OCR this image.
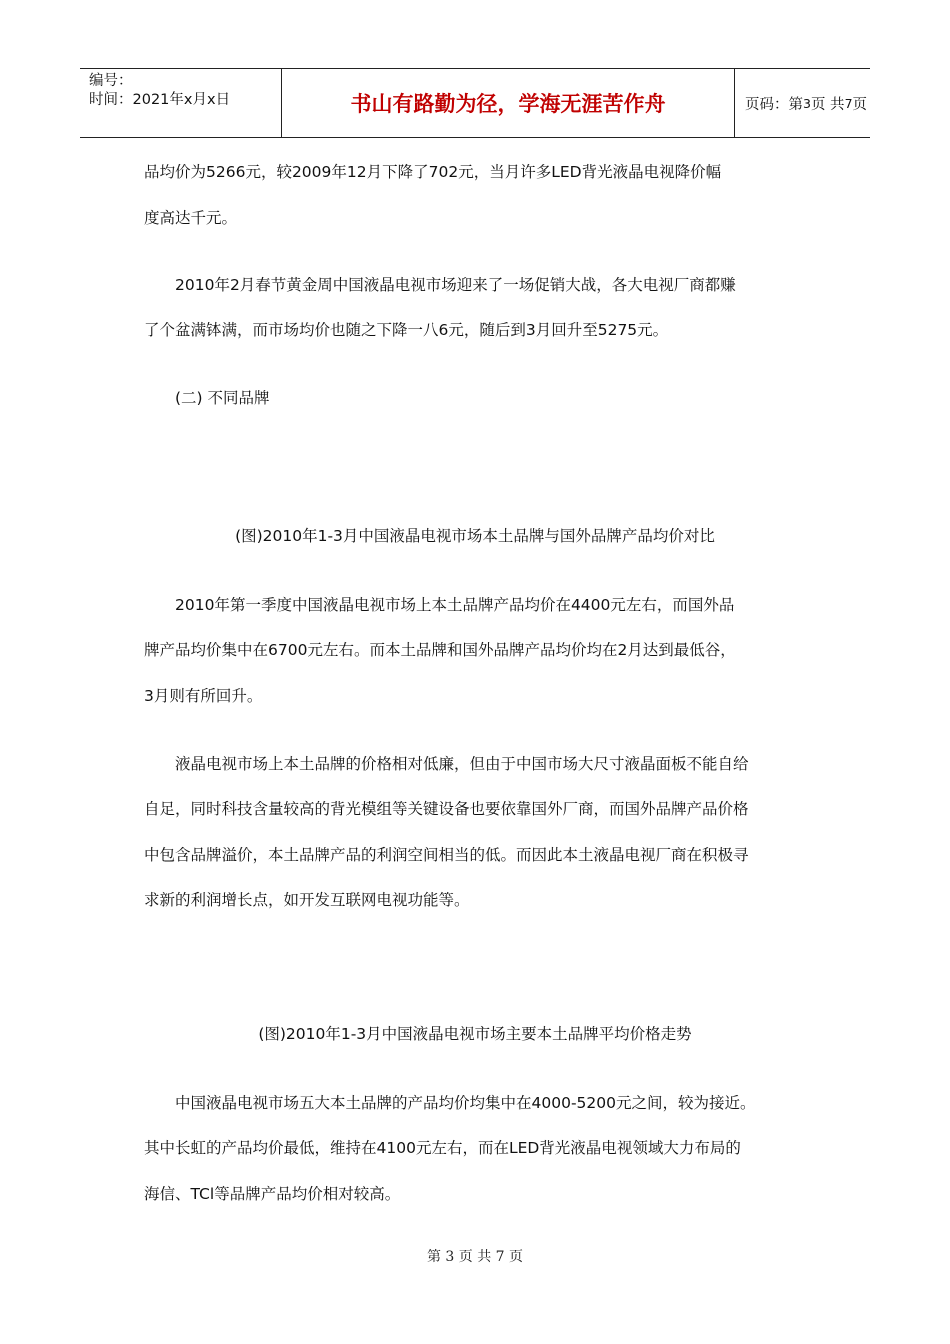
编号：
时间：2021年x月x日	书山有路勤为径，学海无涯苦作舟	页码：第 3 页 共 7 页
品均价为5266元，较2009年12月下降了702元，当月许多LED背光液晶电视降价幅
度高达千元。
　　2010年2月春节黄金周中国液晶电视市场迎来了一场促销大战，各大电视厂商都赚
了个盆满钵满，而市场均价也随之下降一八6元，随后到3月回升至5275元。
　　(二) 不同品牌
(图)2010年1-3月中国液晶电视市场本土品牌与国外品牌产品均价对比
　　2010年第一季度中国液晶电视市场上本土品牌产品均价在4400元左右，而国外品
牌产品均价集中在6700元左右。而本土品牌和国外品牌产品均价均在2月达到最低谷，
3月则有所回升。
　　液晶电视市场上本土品牌的价格相对低廉，但由于中国市场大尺寸液晶面板不能自给
自足，同时科技含量较高的背光模组等关键设备也要依靠国外厂商，而国外品牌产品价格
中包含品牌溢价，本土品牌产品的利润空间相当的低。而因此本土液晶电视厂商在积极寻
求新的利润增长点，如开发互联网电视功能等。
(图)2010年1-3月中国液晶电视市场主要本土品牌平均价格走势
　　中国液晶电视市场五大本土品牌的产品均价均集中在4000-5200元之间，较为接近。
其中长虹的产品均价最低，维持在4100元左右，而在LED背光液晶电视领域大力布局的
海信、TCl等品牌产品均价相对较高。
第 3 页 共 7 页
